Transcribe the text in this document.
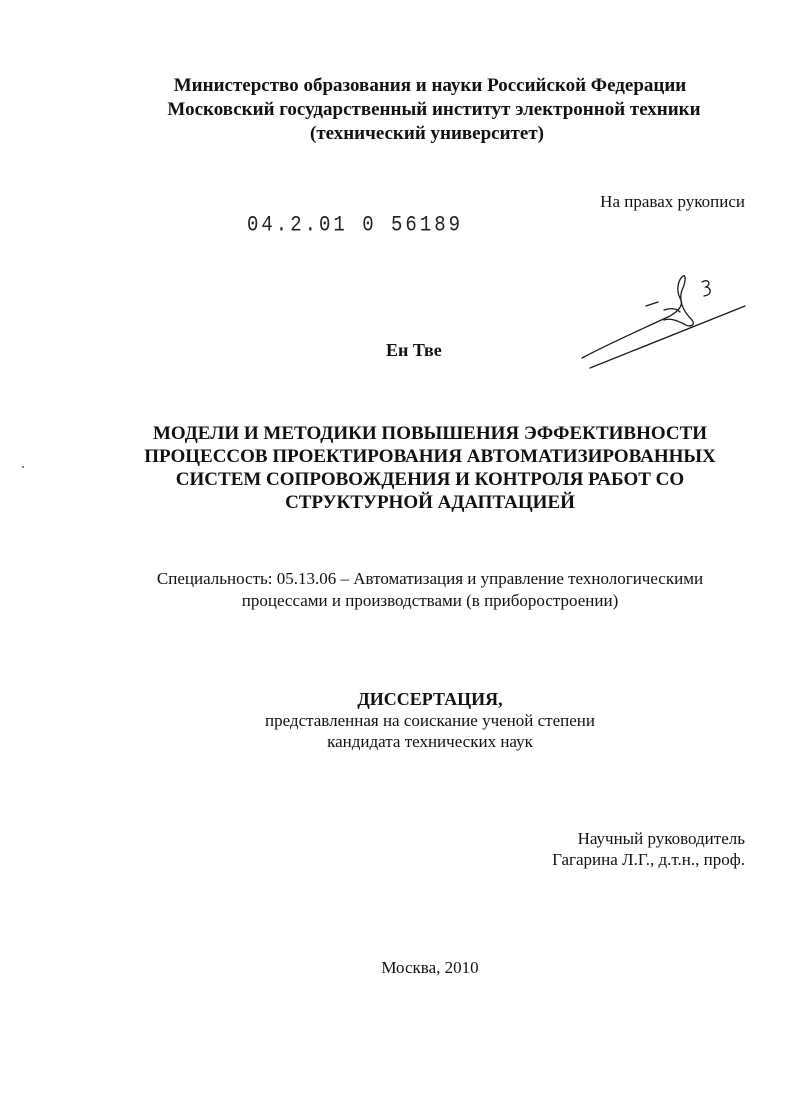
Министерство образования и науки Российской Федерации
Московский государственный институт электронной техники
(технический университет)
04.2.01 0 56189
На правах рукописи
Ен Тве
МОДЕЛИ И МЕТОДИКИ ПОВЫШЕНИЯ ЭФФЕКТИВНОСТИ
ПРОЦЕССОВ ПРОЕКТИРОВАНИЯ АВТОМАТИЗИРОВАННЫХ
СИСТЕМ СОПРОВОЖДЕНИЯ И КОНТРОЛЯ РАБОТ СО
СТРУКТУРНОЙ АДАПТАЦИЕЙ
Специальность: 05.13.06 – Автоматизация и управление технологическими
процессами и производствами (в приборостроении)
ДИССЕРТАЦИЯ,
представленная на соискание ученой степени
кандидата технических наук
Научный руководитель
Гагарина Л.Г., д.т.н., проф.
Москва, 2010
